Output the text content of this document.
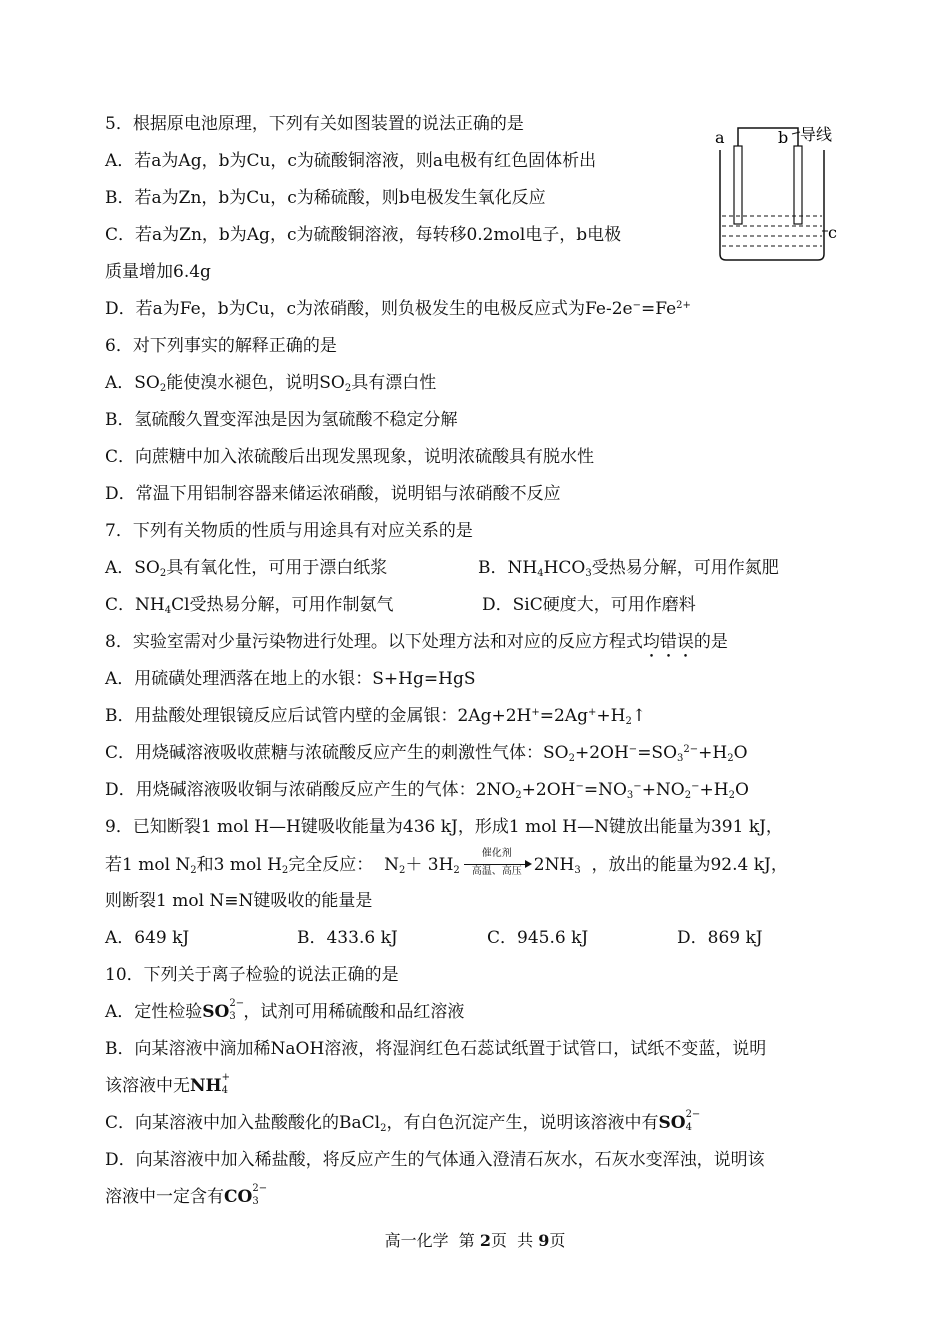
5．根据原电池原理，下列有关如图装置的说法正确的是
A．若a为Ag，b为Cu，c为硫酸铜溶液，则a电极有红色固体析出
B．若a为Zn，b为Cu，c为稀硫酸，则b电极发生氧化反应
C．若a为Zn，b为Ag，c为硫酸铜溶液，每转移0.2mol电子，b电极
质量增加6.4g
D．若a为Fe，b为Cu，c为浓硝酸，则负极发生的电极反应式为$Fe-2e^-=Fe^{2+}$
a	b 导线
c
6．对下列事实的解释正确的是
A．$SO_2$能使溴水褪色，说明$SO_2$具有漂白性
B．氢硫酸久置变浑浊是因为氢硫酸不稳定分解
C．向蔗糖中加入浓硫酸后出现发黑现象，说明浓硫酸具有脱水性
D．常温下用铝制容器来储运浓硝酸，说明铝与浓硝酸不反应
7．下列有关物质的性质与用途具有对应关系的是
A．$SO_2$具有氧化性，可用于漂白纸浆	B．$NH_4HCO_3$受热易分解，可用作氮肥
C．$NH_4Cl$受热易分解，可用作制氨气	D．SiC硬度大，可用作磨料
8．实验室需对少量污染物进行处理。以下处理方法和对应的反应方程式均错误的是
A．用硫磺处理洒落在地上的水银：S+Hg=HgS
B．用盐酸处理银镜反应后试管内壁的金属银：$2Ag+2H^+=2Ag^++H_2↑$
C．用烧碱溶液吸收蔗糖与浓硫酸反应产生的刺激性气体：$SO_2+2OH^-=SO_3^{2-}+H_2O$
D．用烧碱溶液吸收铜与浓硝酸反应产生的气体：$2NO_2+2OH^-=NO_3^-+NO_2^-+H_2O$
9．已知断裂1 mol H—H键吸收能量为436 kJ，形成1 mol H—N键放出能量为391 kJ，
若1 mol $N_2$和3 mol $H_2$完全反应：  $N_2+ 3H_2$
催化剂
高温、高压 $2NH_3$  ，放出的能量为92.4 kJ，
则断裂1 mol N≡N键吸收的能量是
A．649 kJ	B．433.6 kJ	C．945.6 kJ	D．869 kJ
10．下列关于离子检验的说法正确的是
A．定性检验SO 2−
3 ，试剂可用稀硫酸和品红溶液
B．向某溶液中滴加稀NaOH溶液，将湿润红色石蕊试纸置于试管口，试纸不变蓝，说明
该溶液中无NH +
4
C．向某溶液中加入盐酸酸化的BaCl$_2$，有白色沉淀产生，说明该溶液中有SO 2−
4
D．向某溶液中加入稀盐酸，将反应产生的气体通入澄清石灰水，石灰水变浑浊，说明该
溶液中一定含有CO 2−
3
高一化学  第 2页  共 9页
